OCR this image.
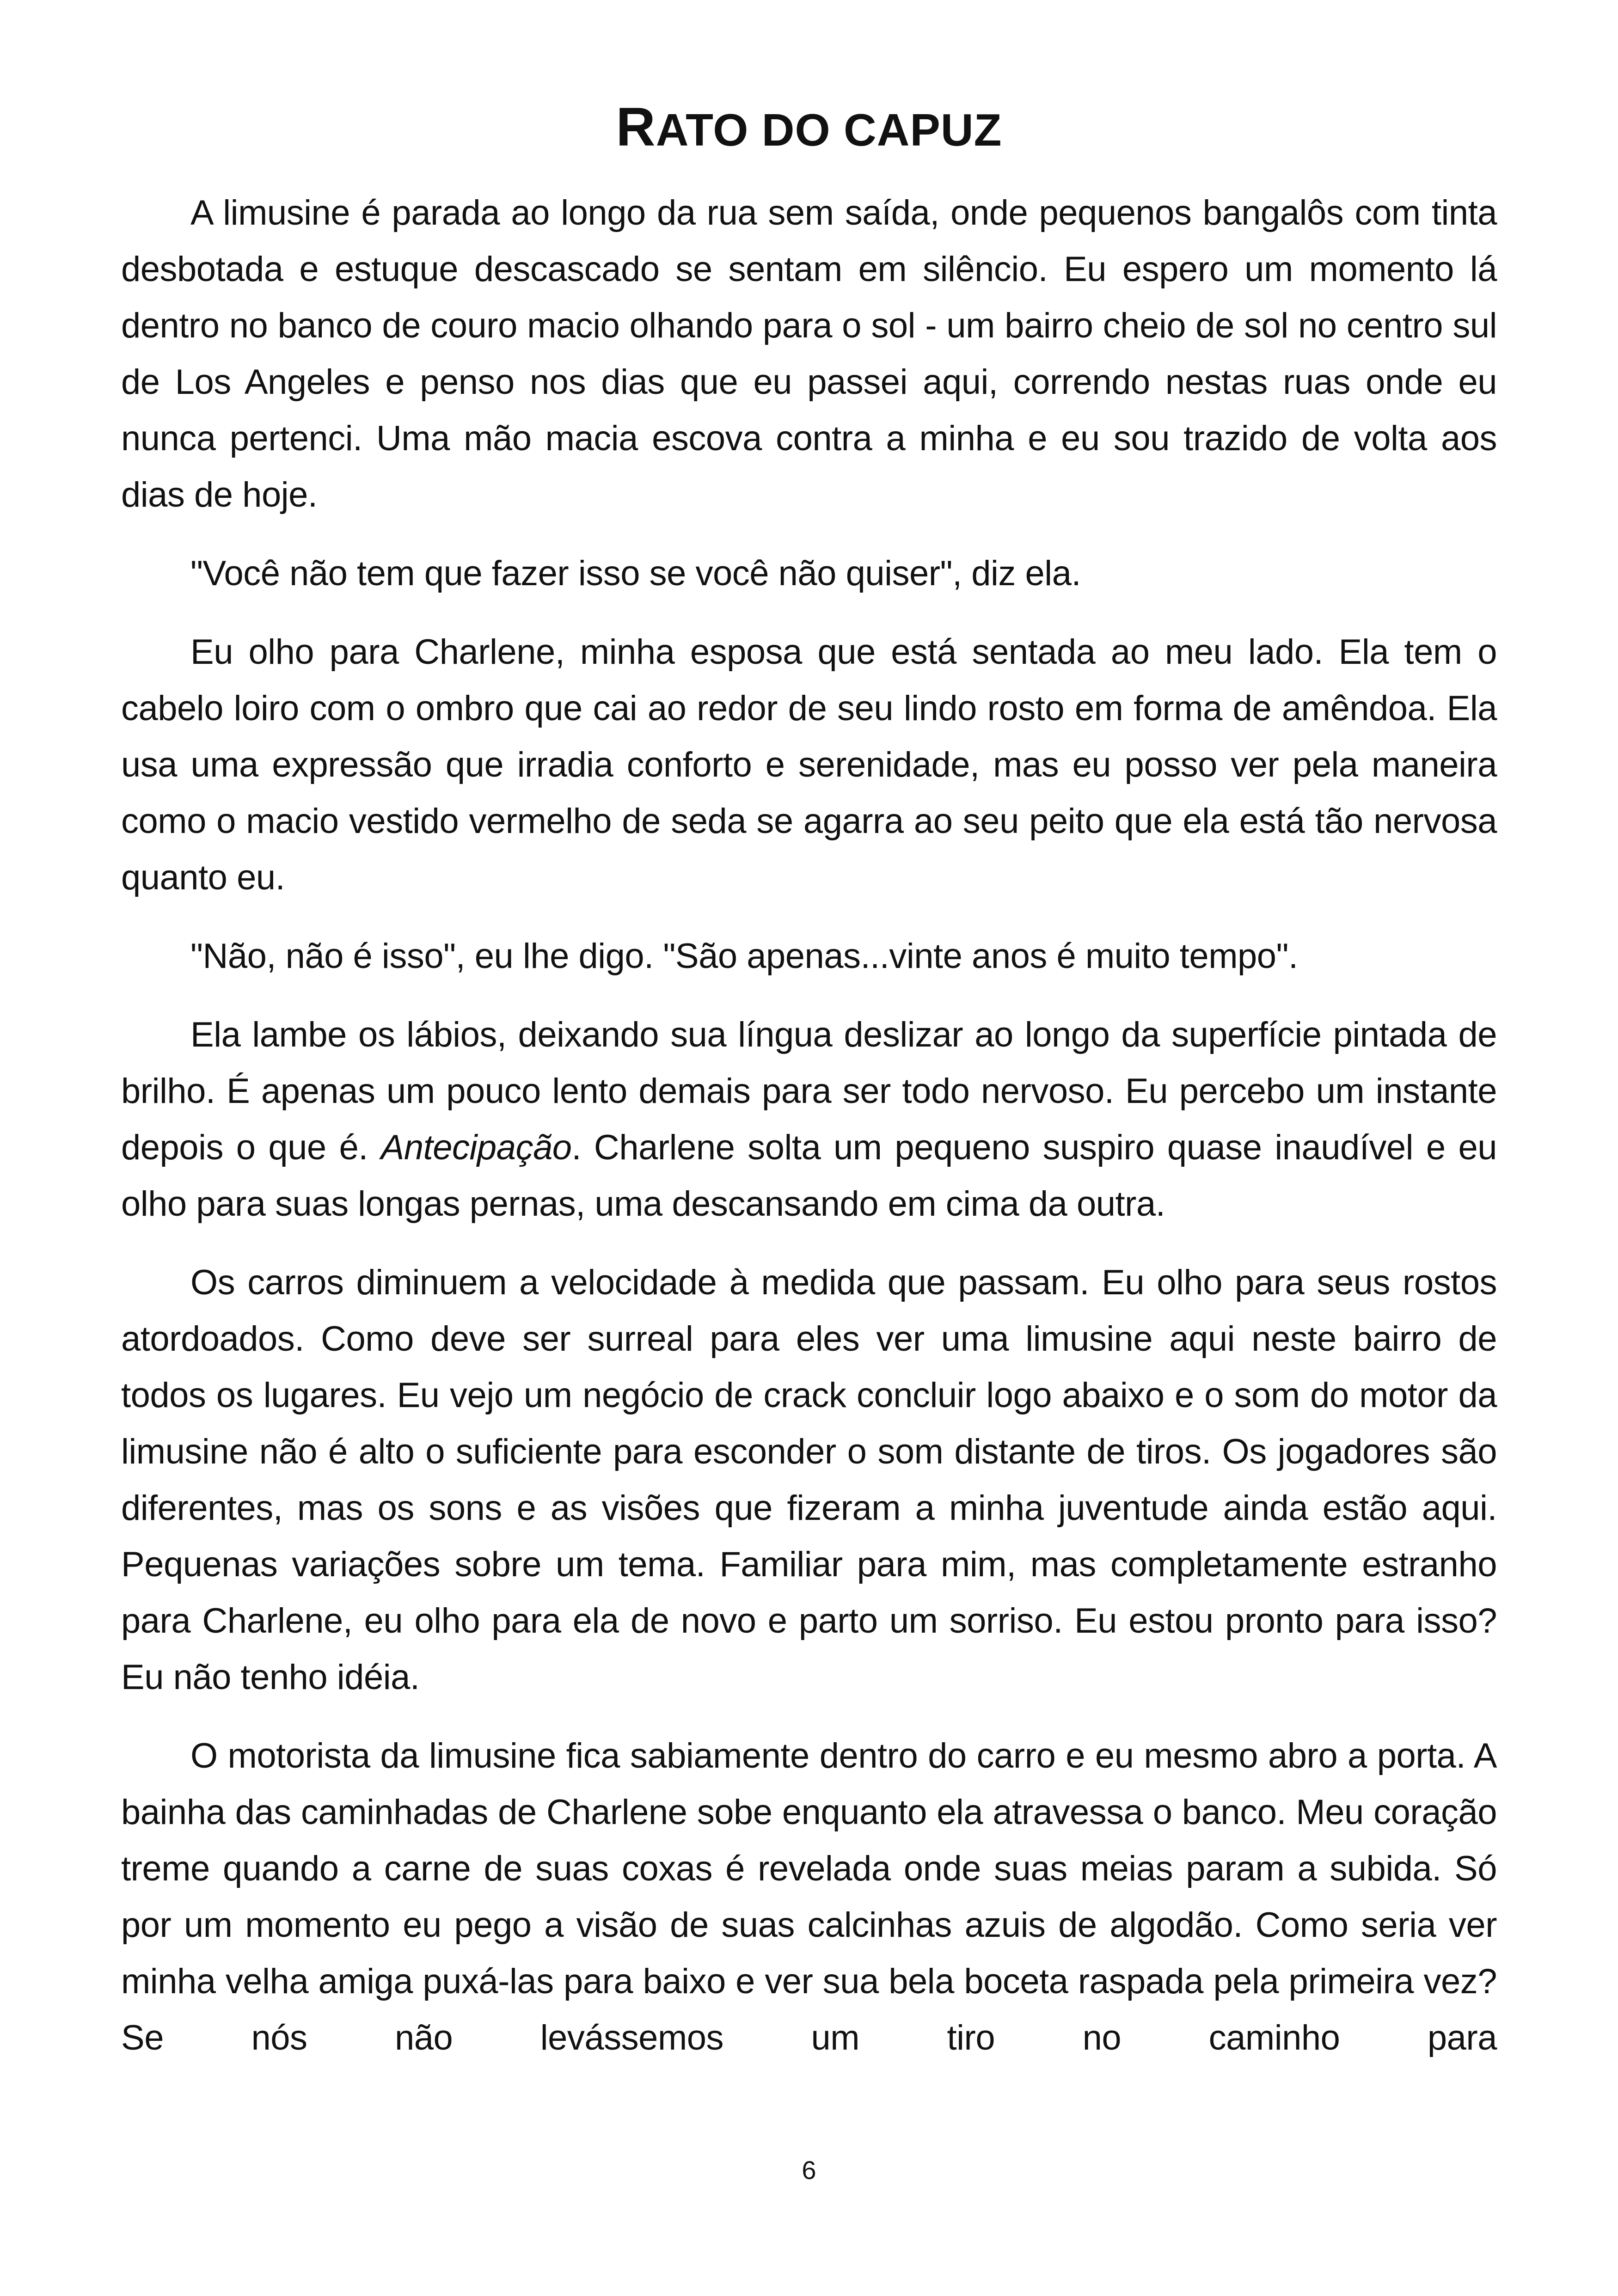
RATO DO CAPUZ

A limusine é parada ao longo da rua sem saída, onde pequenos bangalôs com tinta desbotada e estuque descascado se sentam em silêncio. Eu espero um momento lá dentro no banco de couro macio olhando para o sol - um bairro cheio de sol no centro sul de Los Angeles e penso nos dias que eu passei aqui, correndo nestas ruas onde eu nunca pertenci. Uma mão macia escova contra a minha e eu sou trazido de volta aos dias de hoje.

"Você não tem que fazer isso se você não quiser", diz ela.

Eu olho para Charlene, minha esposa que está sentada ao meu lado. Ela tem o cabelo loiro com o ombro que cai ao redor de seu lindo rosto em forma de amêndoa. Ela usa uma expressão que irradia conforto e serenidade, mas eu posso ver pela maneira como o macio vestido vermelho de seda se agarra ao seu peito que ela está tão nervosa quanto eu.

"Não, não é isso", eu lhe digo. "São apenas...vinte anos é muito tempo".

Ela lambe os lábios, deixando sua língua deslizar ao longo da superfície pintada de brilho. É apenas um pouco lento demais para ser todo nervoso. Eu percebo um instante depois o que é. Antecipação. Charlene solta um pequeno suspiro quase inaudível e eu olho para suas longas pernas, uma descansando em cima da outra.

Os carros diminuem a velocidade à medida que passam. Eu olho para seus rostos atordoados. Como deve ser surreal para eles ver uma limusine aqui neste bairro de todos os lugares. Eu vejo um negócio de crack concluir logo abaixo e o som do motor da limusine não é alto o suficiente para esconder o som distante de tiros. Os jogadores são diferentes, mas os sons e as visões que fizeram a minha juventude ainda estão aqui. Pequenas variações sobre um tema. Familiar para mim, mas completamente estranho para Charlene, eu olho para ela de novo e parto um sorriso. Eu estou pronto para isso? Eu não tenho idéia.

O motorista da limusine fica sabiamente dentro do carro e eu mesmo abro a porta. A bainha das caminhadas de Charlene sobe enquanto ela atravessa o banco. Meu coração treme quando a carne de suas coxas é revelada onde suas meias param a subida. Só por um momento eu pego a visão de suas calcinhas azuis de algodão. Como seria ver minha velha amiga puxá-las para baixo e ver sua bela boceta raspada pela primeira vez? Se nós não levássemos um tiro no caminho para

6
